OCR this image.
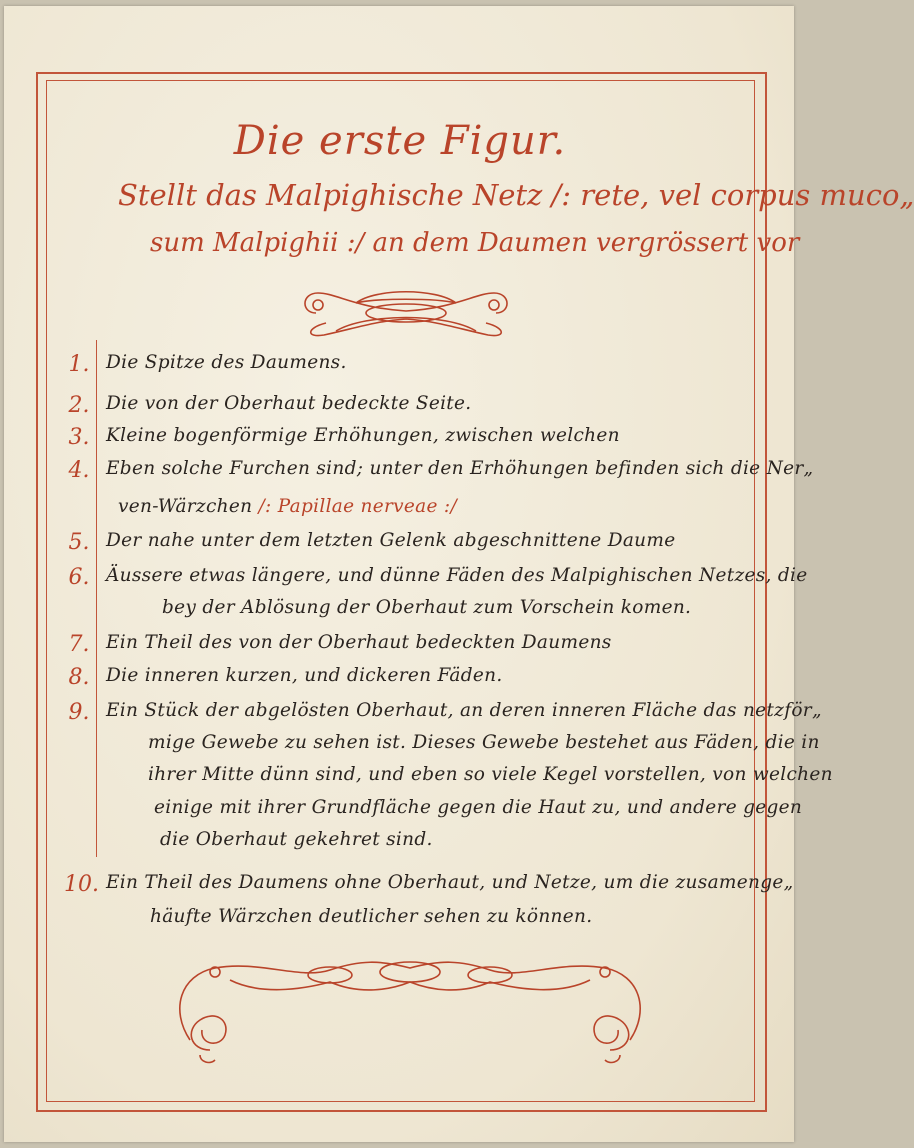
Die erste Figur.
Stellt das Malpighische Netz /: rete, vel corpus muco„
sum Malpighii :/ an dem Daumen vergrössert vor
1. Die Spitze des Daumens.
2. Die von der Oberhaut bedeckte Seite.
3. Kleine bogenförmige Erhöhungen, zwischen welchen
4. Eben solche Furchen sind; unter den Erhöhungen befinden sich die Ner„
ven-Wärzchen /: Papillae nerveae :/
5. Der nahe unter dem letzten Gelenk abgeschnittene Daume
6. Äussere etwas längere, und dünne Fäden des Malpighischen Netzes, die
bey der Ablösung der Oberhaut zum Vorschein komen.
7. Ein Theil des von der Oberhaut bedeckten Daumens
8. Die inneren kurzen, und dickeren Fäden.
9. Ein Stück der abgelösten Oberhaut, an deren inneren Fläche das netzför„
mige Gewebe zu sehen ist. Dieses Gewebe bestehet aus Fäden, die in
ihrer Mitte dünn sind, und eben so viele Kegel vorstellen, von welchen
einige mit ihrer Grundfläche gegen die Haut zu, und andere gegen
die Oberhaut gekehret sind.
10. Ein Theil des Daumens ohne Oberhaut, und Netze, um die zusamenge„
häufte Wärzchen deutlicher sehen zu können.
